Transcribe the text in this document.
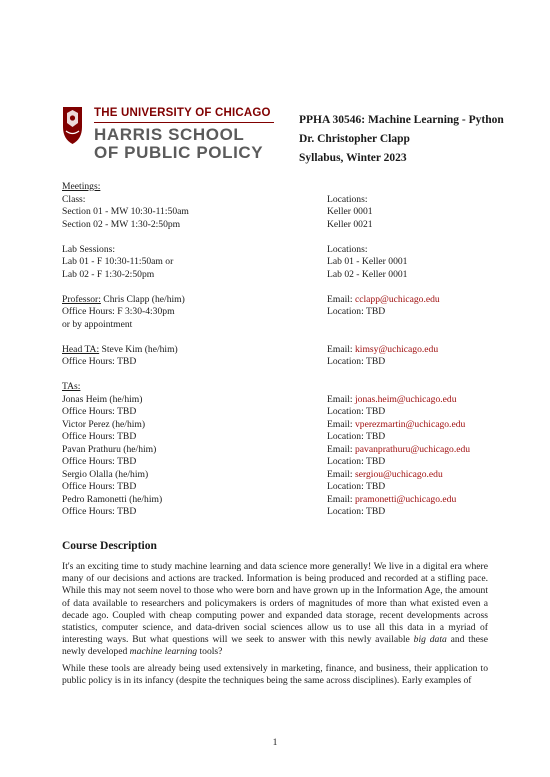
THE UNIVERSITY OF CHICAGO
HARRIS SCHOOL
OF PUBLIC POLICY
PPHA 30546: Machine Learning - Python
Dr. Christopher Clapp
Syllabus, Winter 2023
Meetings:
Class:	Locations:
Section 01 - MW 10:30-11:50am	Keller 0001
Section 02 - MW 1:30-2:50pm	Keller 0021
Lab Sessions:	Locations:
Lab 01 - F 10:30-11:50am or	Lab 01 - Keller 0001
Lab 02 - F 1:30-2:50pm	Lab 02 - Keller 0001
Professor: Chris Clapp (he/him)	Email: cclapp@uchicago.edu
Office Hours: F 3:30-4:30pm	Location: TBD
or by appointment
Head TA: Steve Kim (he/him)	Email: kimsy@uchicago.edu
Office Hours: TBD	Location: TBD
TAs:
Jonas Heim (he/him)	Email: jonas.heim@uchicago.edu
Office Hours: TBD	Location: TBD
Victor Perez (he/him)	Email: vperezmartin@uchicago.edu
Office Hours: TBD	Location: TBD
Pavan Prathuru (he/him)	Email: pavanprathuru@uchicago.edu
Office Hours: TBD	Location: TBD
Sergio Olalla (he/him)	Email: sergiou@uchicago.edu
Office Hours: TBD	Location: TBD
Pedro Ramonetti (he/him)	Email: pramonetti@uchicago.edu
Office Hours: TBD	Location: TBD
Course Description

It's an exciting time to study machine learning and data science more generally! We live in a digital era where many of our decisions and actions are tracked. Information is being produced and recorded at a stifling pace. While this may not seem novel to those who were born and have grown up in the Information Age, the amount of data available to researchers and policymakers is orders of magnitudes of more than what existed even a decade ago. Coupled with cheap computing power and expanded data storage, recent developments across statistics, computer science, and data-driven social sciences allow us to use all this data in a myriad of interesting ways. But what questions will we seek to answer with this newly available big data and these newly developed machine learning tools?

While these tools are already being used extensively in marketing, finance, and business, their application to public policy is in its infancy (despite the techniques being the same across disciplines). Early examples of

1
